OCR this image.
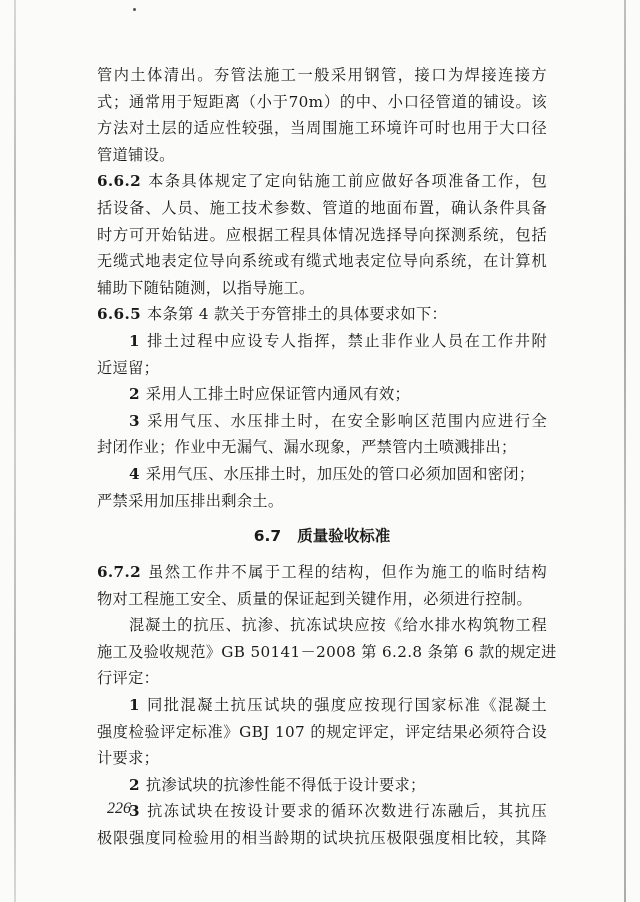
管内土体清出。夯管法施工一般采用钢管，接口为焊接连接方
式；通常用于短距离（小于70m）的中、小口径管道的铺设。该
方法对土层的适应性较强，当周围施工环境许可时也用于大口径
管道铺设。
6.6.2 本条具体规定了定向钻施工前应做好各项准备工作，包
括设备、人员、施工技术参数、管道的地面布置，确认条件具备
时方可开始钻进。应根据工程具体情况选择导向探测系统，包括
无缆式地表定位导向系统或有缆式地表定位导向系统，在计算机
辅助下随钻随测，以指导施工。
6.6.5 本条第 4 款关于夯管排土的具体要求如下：
1 排土过程中应设专人指挥，禁止非作业人员在工作井附
近逗留；
2 采用人工排土时应保证管内通风有效；
3 采用气压、水压排土时，在安全影响区范围内应进行全
封闭作业；作业中无漏气、漏水现象，严禁管内土喷溅排出；
4 采用气压、水压排土时，加压处的管口必须加固和密闭；
严禁采用加压排出剩余土。
6.7 质量验收标准
6.7.2 虽然工作井不属于工程的结构，但作为施工的临时结构
物对工程施工安全、质量的保证起到关键作用，必须进行控制。
混凝土的抗压、抗渗、抗冻试块应按《给水排水构筑物工程
施工及验收规范》GB 50141－2008 第 6.2.8 条第 6 款的规定进
行评定：
1 同批混凝土抗压试块的强度应按现行国家标准《混凝土
强度检验评定标准》GBJ 107 的规定评定，评定结果必须符合设
计要求；
2 抗渗试块的抗渗性能不得低于设计要求；
3 抗冻试块在按设计要求的循环次数进行冻融后，其抗压
极限强度同检验用的相当龄期的试块抗压极限强度相比较，其降
226
